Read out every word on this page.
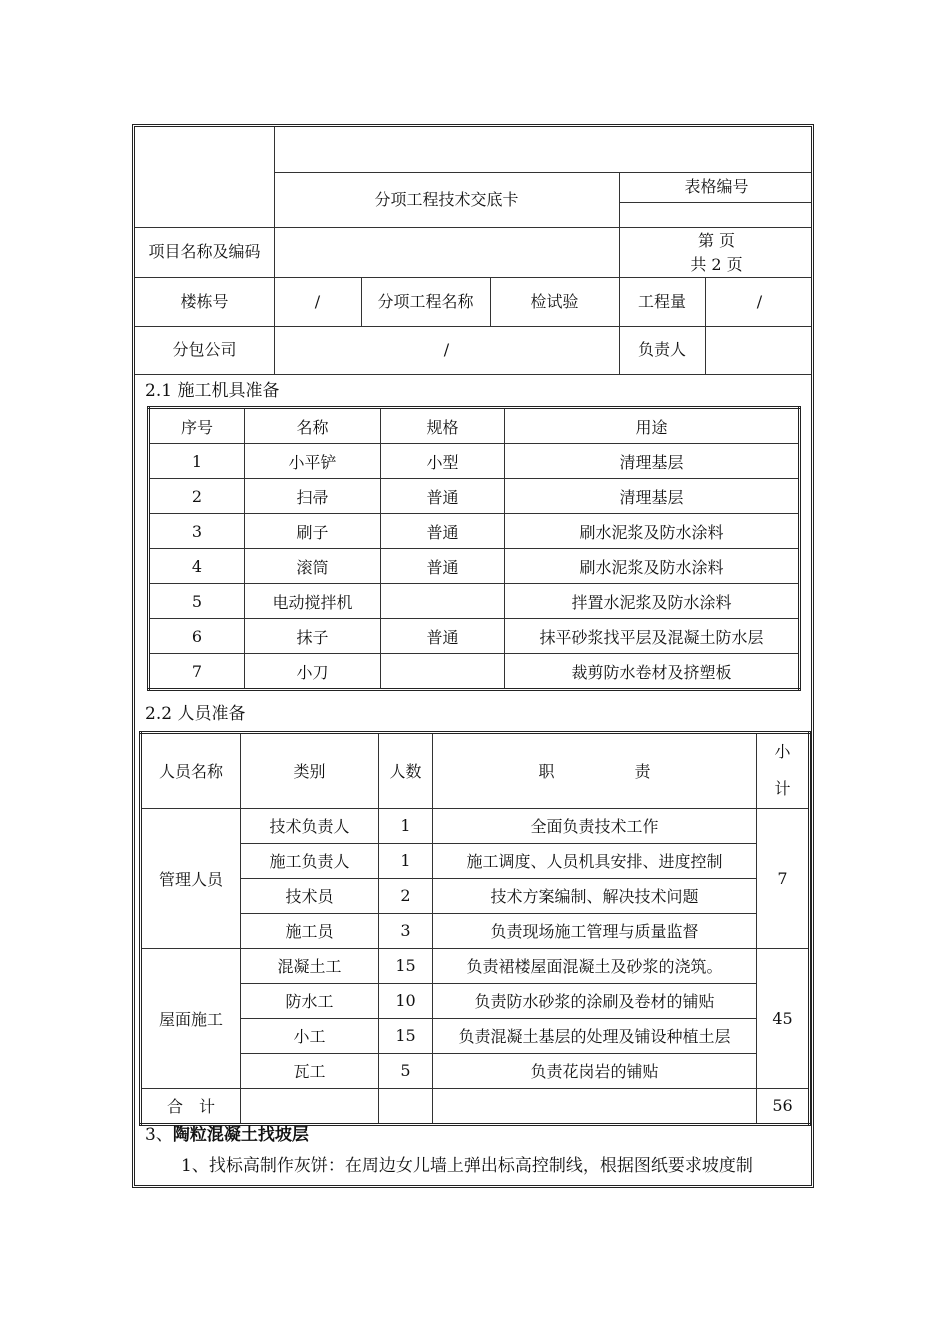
分项工程技术交底卡
表格编号
项目名称及编码
第 页
共 2 页
楼栋号	/	分项工程名称	检试验	工程量	/
分包公司	/	负责人
2.1 施工机具准备
序号	名称	规格	用途
1	小平铲	小型	清理基层
2	扫帚	普通	清理基层
3	刷子	普通	刷水泥浆及防水涂料
4	滚筒	普通	刷水泥浆及防水涂料
5	电动搅拌机		拌置水泥浆及防水涂料
6	抹子	普通	抹平砂浆找平层及混凝土防水层
7	小刀		裁剪防水卷材及挤塑板
2.2 人员准备
人员名称	类别	人数	职　　　　　责	小
计
管理人员	技术负责人	1	全面负责技术工作	7
	施工负责人	1	施工调度、人员机具安排、进度控制	
	技术员	2	技术方案编制、解决技术问题	
	施工员	3	负责现场施工管理与质量监督	
屋面施工	混凝土工	15	负责裙楼屋面混凝土及砂浆的浇筑。	45
	防水工	10	负责防水砂浆的涂刷及卷材的铺贴	
	小工	15	负责混凝土基层的处理及铺设种植土层	
	瓦工	5	负责花岗岩的铺贴	
合　计				56
3、陶粒混凝土找坡层
1、找标高制作灰饼：在周边女儿墙上弹出标高控制线，根据图纸要求坡度制
